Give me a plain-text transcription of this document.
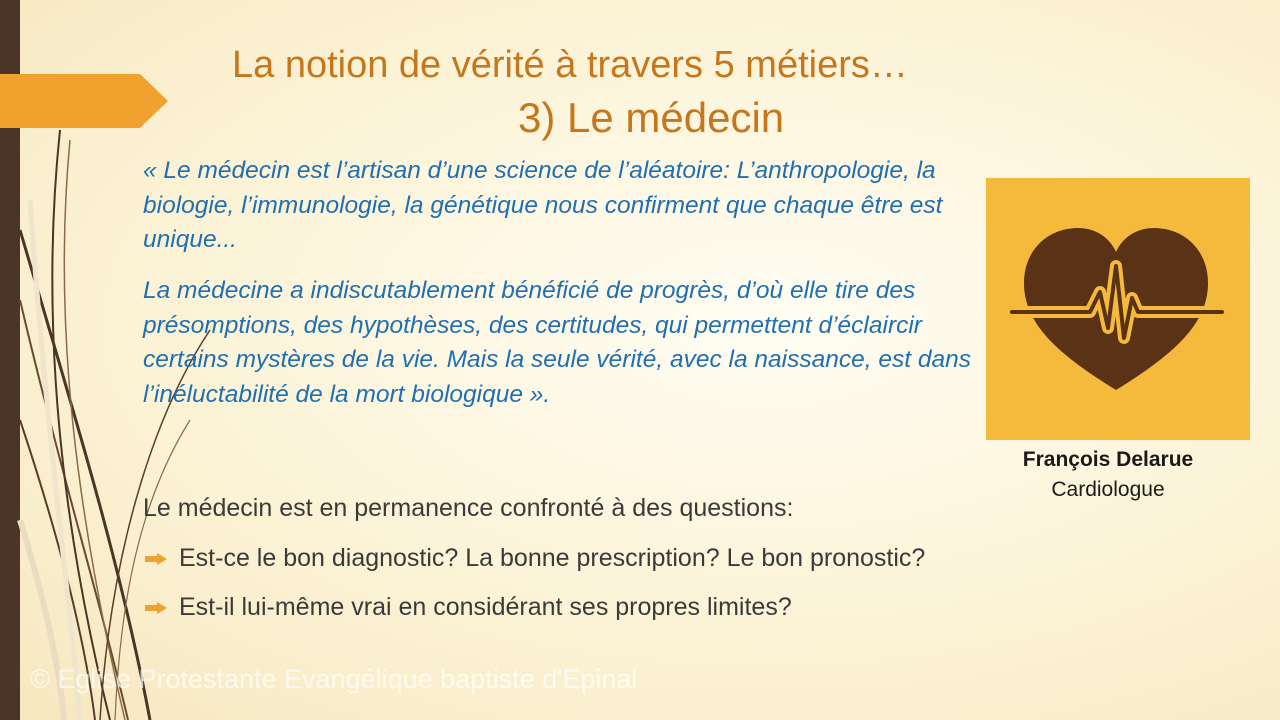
La notion de vérité à travers 5 métiers…
3) Le médecin

« Le médecin est l’artisan d’une science de l’aléatoire: L’anthropologie, la biologie, l’immunologie, la génétique nous confirment que chaque être est unique...

La médecine a indiscutablement bénéficié de progrès, d’où elle tire des présomptions, des hypothèses, des certitudes, qui permettent d’éclaircir certains mystères de la vie. Mais la seule vérité, avec la naissance, est dans l’inéluctabilité de la mort biologique ».

Le médecin est en permanence confronté à des questions:

Est-ce le bon diagnostic? La bonne prescription? Le bon pronostic?
Est-il lui-même vrai en considérant ses propres limites?
François Delarue
Cardiologue
© Eglise Protestante Evangélique baptiste d'Epinal
